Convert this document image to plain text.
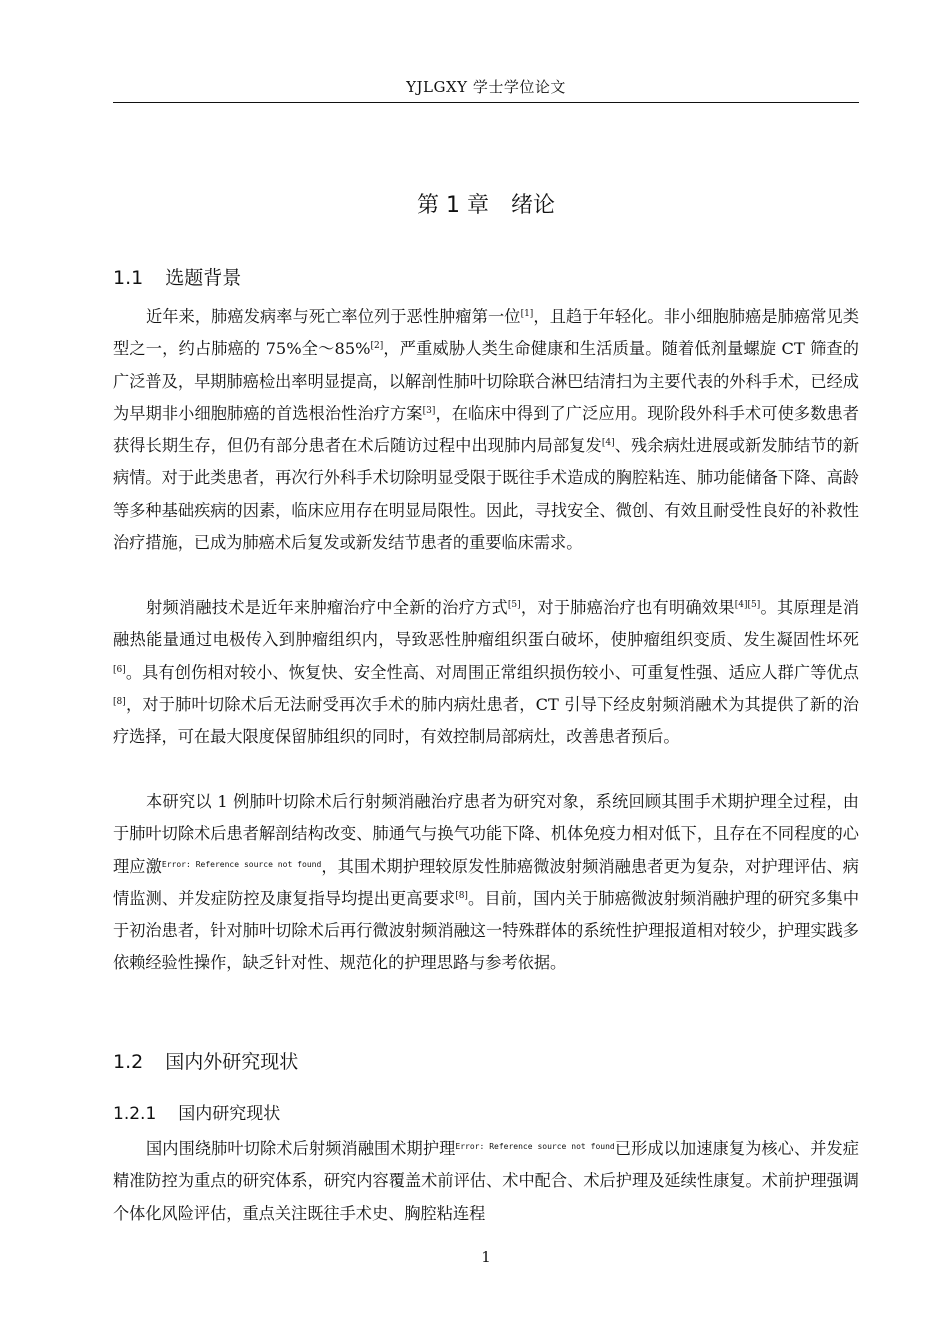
YJLGXY 学士学位论文
第 1 章 绪论
1.1 选题背景

近年来，肺癌发病率与死亡率位列于恶性肿瘤第一位[1]，且趋于年轻化。非小细胞肺癌是肺癌常见类型之一，约占肺癌的 75%全～85%[2]，严重威胁人类生命健康和生活质量。随着低剂量螺旋 CT 筛查的广泛普及，早期肺癌检出率明显提高，以解剖性肺叶切除联合淋巴结清扫为主要代表的外科手术，已经成为早期非小细胞肺癌的首选根治性治疗方案[3]，在临床中得到了广泛应用。现阶段外科手术可使多数患者获得长期生存，但仍有部分患者在术后随访过程中出现肺内局部复发[4]、残余病灶进展或新发肺结节的新病情。对于此类患者，再次行外科手术切除明显受限于既往手术造成的胸腔粘连、肺功能储备下降、高龄等多种基础疾病的因素，临床应用存在明显局限性。因此，寻找安全、微创、有效且耐受性良好的补救性治疗措施，已成为肺癌术后复发或新发结节患者的重要临床需求。

射频消融技术是近年来肿瘤治疗中全新的治疗方式[5]，对于肺癌治疗也有明确效果[4][5]。其原理是消融热能量通过电极传入到肿瘤组织内，导致恶性肿瘤组织蛋白破坏，使肿瘤组织变质、发生凝固性坏死[6]。具有创伤相对较小、恢复快、安全性高、对周围正常组织损伤较小、可重复性强、适应人群广等优点[8]，对于肺叶切除术后无法耐受再次手术的肺内病灶患者，CT 引导下经皮射频消融术为其提供了新的治疗选择，可在最大限度保留肺组织的同时，有效控制局部病灶，改善患者预后。

本研究以 1 例肺叶切除术后行射频消融治疗患者为研究对象，系统回顾其围手术期护理全过程，由于肺叶切除术后患者解剖结构改变、肺通气与换气功能下降、机体免疫力相对低下，且存在不同程度的心理应激$^{Error: Reference source not found}$，其围术期护理较原发性肺癌微波射频消融患者更为复杂，对护理评估、病情监测、并发症防控及康复指导均提出更高要求[8]。目前，国内关于肺癌微波射频消融护理的研究多集中于初治患者，针对肺叶切除术后再行微波射频消融这一特殊群体的系统性护理报道相对较少，护理实践多依赖经验性操作，缺乏针对性、规范化的护理思路与参考依据。

1.2 国内外研究现状
1.2.1 国内研究现状

国内围绕肺叶切除术后射频消融围术期护理$^{Error: Reference source not found}$已形成以加速康复为核心、并发症精准防控为重点的研究体系，研究内容覆盖术前评估、术中配合、术后护理及延续性康复。术前护理强调个体化风险评估，重点关注既往手术史、胸腔粘连程

1
